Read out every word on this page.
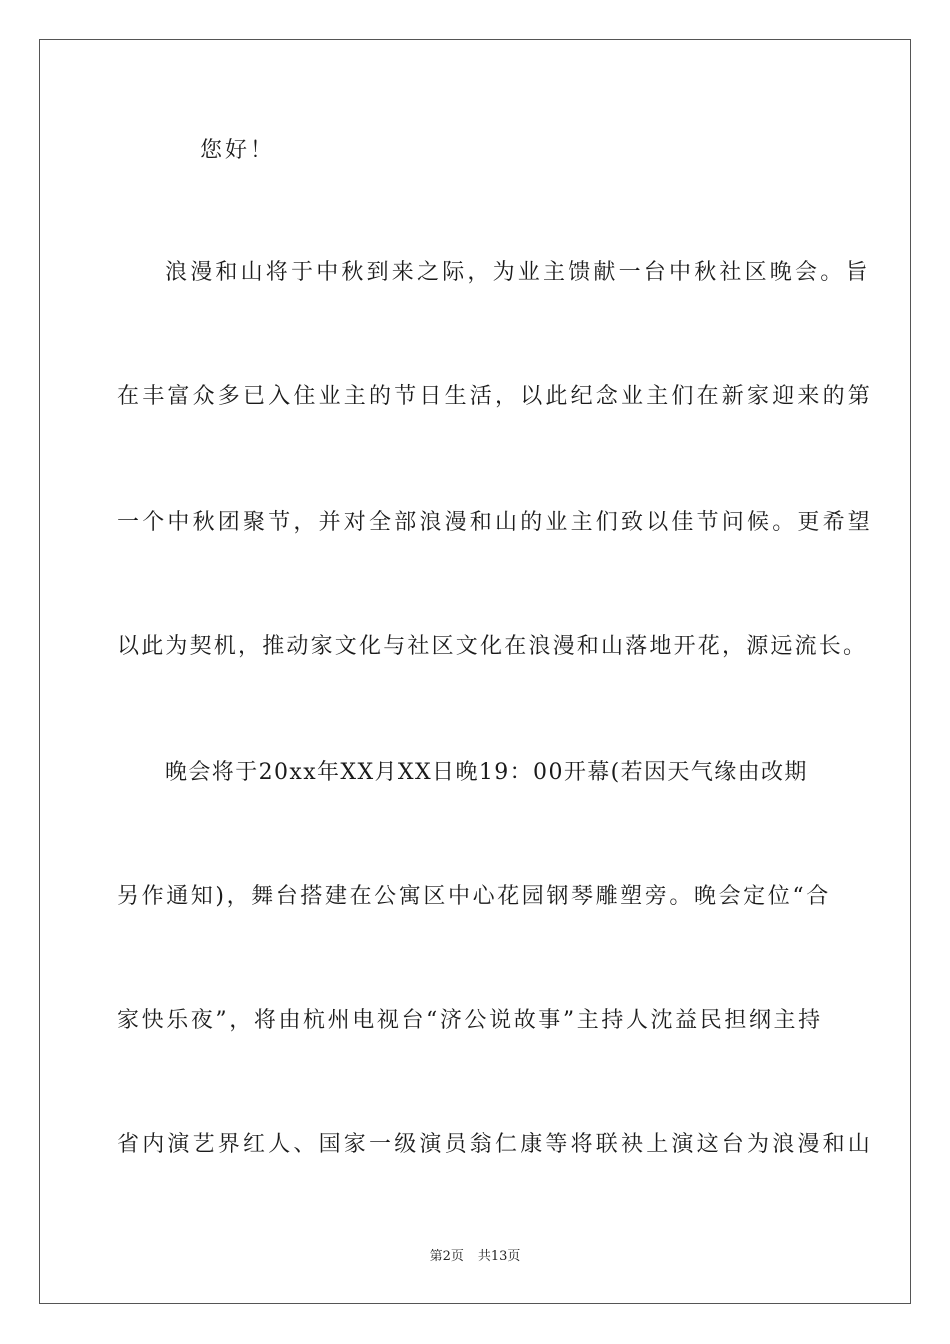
您好！
浪漫和山将于中秋到来之际，为业主馈献一台中秋社区晚会。旨
在丰富众多已入住业主的节日生活，以此纪念业主们在新家迎来的第
一个中秋团聚节，并对全部浪漫和山的业主们致以佳节问候。更希望
以此为契机，推动家文化与社区文化在浪漫和山落地开花，源远流长。
晚会将于20xx年XX月XX日晚19：00开幕(若因天气缘由改期
另作通知)，舞台搭建在公寓区中心花园钢琴雕塑旁。晚会定位“合
家快乐夜”，将由杭州电视台“济公说故事”主持人沈益民担纲主持
省内演艺界红人、国家一级演员翁仁康等将联袂上演这台为浪漫和山
第2页 共13页
